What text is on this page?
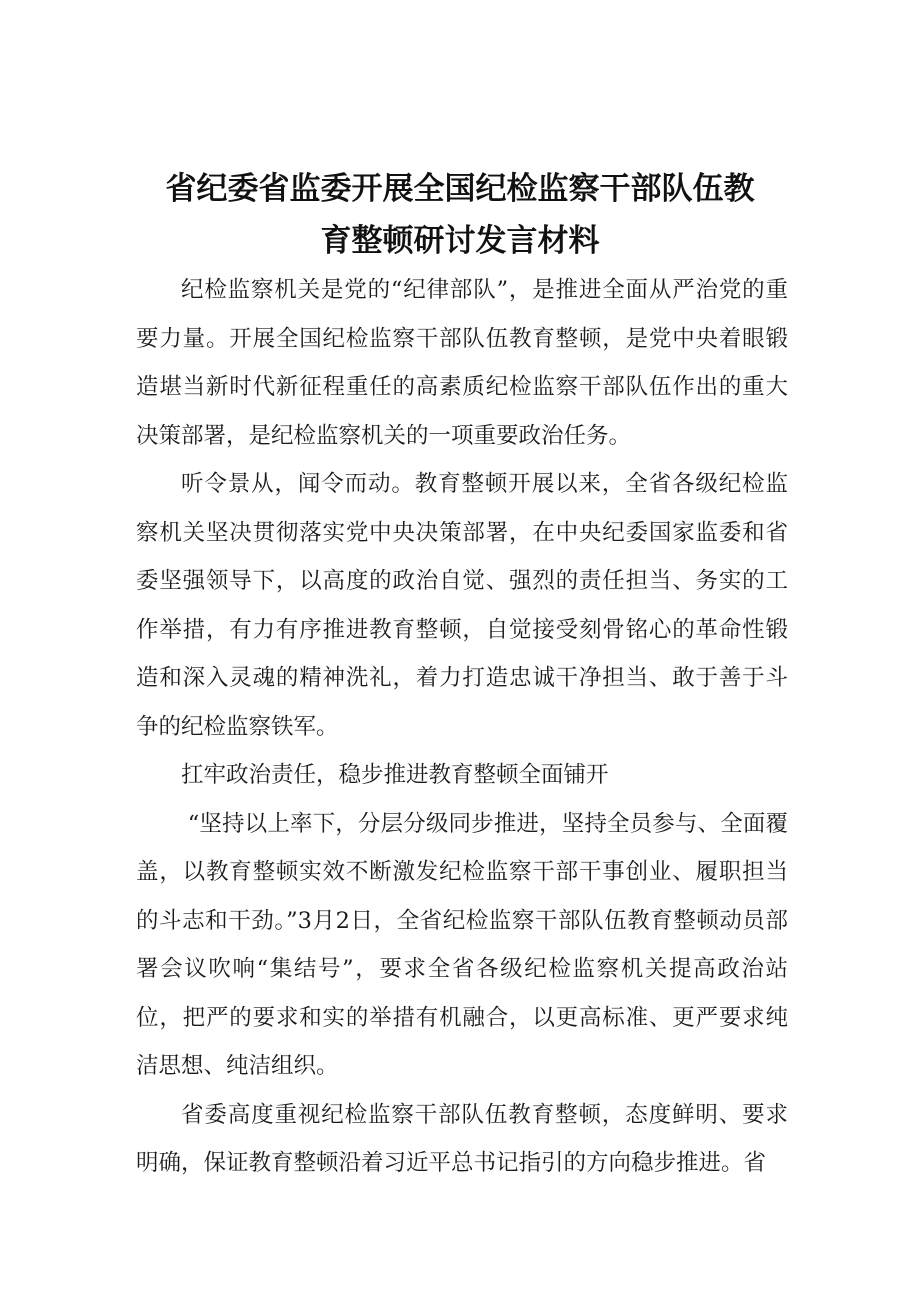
省纪委省监委开展全国纪检监察干部队伍教
育整顿研讨发言材料

纪检监察机关是党的“纪律部队”，是推进全面从严治党的重要力量。开展全国纪检监察干部队伍教育整顿，是党中央着眼锻造堪当新时代新征程重任的高素质纪检监察干部队伍作出的重大决策部署，是纪检监察机关的一项重要政治任务。

听令景从，闻令而动。教育整顿开展以来，全省各级纪检监察机关坚决贯彻落实党中央决策部署，在中央纪委国家监委和省委坚强领导下，以高度的政治自觉、强烈的责任担当、务实的工作举措，有力有序推进教育整顿，自觉接受刻骨铭心的革命性锻造和深入灵魂的精神洗礼，着力打造忠诚干净担当、敢于善于斗争的纪检监察铁军。

扛牢政治责任，稳步推进教育整顿全面铺开

“坚持以上率下，分层分级同步推进，坚持全员参与、全面覆盖，以教育整顿实效不断激发纪检监察干部干事创业、履职担当的斗志和干劲。”3月2日，全省纪检监察干部队伍教育整顿动员部署会议吹响“集结号”，要求全省各级纪检监察机关提高政治站位，把严的要求和实的举措有机融合，以更高标准、更严要求纯洁思想、纯洁组织。

省委高度重视纪检监察干部队伍教育整顿，态度鲜明、要求明确，保证教育整顿沿着习近平总书记指引的方向稳步推进。省
